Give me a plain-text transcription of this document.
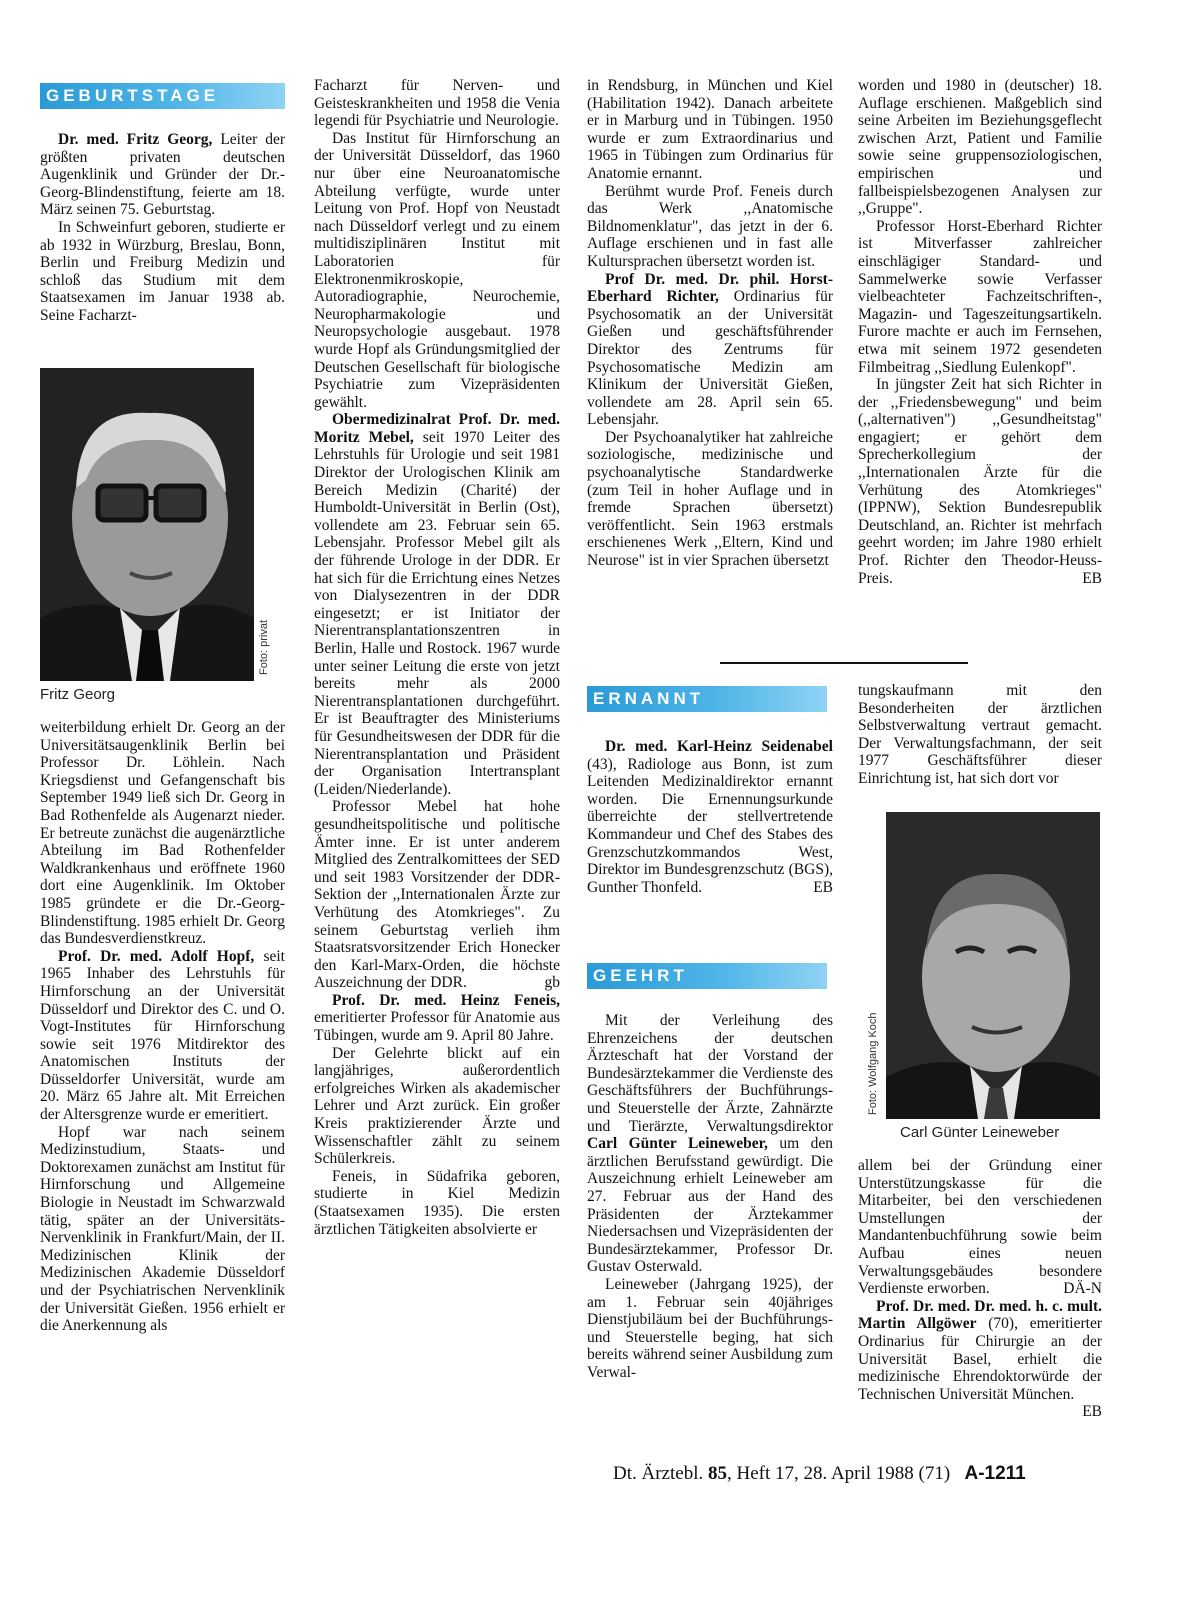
GEBURTSTAGE

Dr. med. Fritz Georg, Leiter der größten privaten deutschen Augenklinik und Gründer der Dr.-Georg-Blindenstiftung, feierte am 18. März seinen 75. Geburtstag.

In Schweinfurt geboren, studierte er ab 1932 in Würzburg, Breslau, Bonn, Berlin und Freiburg Medizin und schloß das Studium mit dem Staatsexamen im Januar 1938 ab. Seine Facharzt-

Foto: privat
Fritz Georg

weiterbildung erhielt Dr. Georg an der Universitätsaugenklinik Berlin bei Professor Dr. Löhlein. Nach Kriegsdienst und Gefangenschaft bis September 1949 ließ sich Dr. Georg in Bad Rothenfelde als Augenarzt nieder. Er betreute zunächst die augenärztliche Abteilung im Bad Rothenfelder Waldkrankenhaus und eröffnete 1960 dort eine Augenklinik. Im Oktober 1985 gründete er die Dr.-Georg-Blindenstiftung. 1985 erhielt Dr. Georg das Bundesverdienstkreuz.

Prof. Dr. med. Adolf Hopf, seit 1965 Inhaber des Lehrstuhls für Hirnforschung an der Universität Düsseldorf und Direktor des C. und O. Vogt-Institutes für Hirnforschung sowie seit 1976 Mitdirektor des Anatomischen Instituts der Düsseldorfer Universität, wurde am 20. März 65 Jahre alt. Mit Erreichen der Altersgrenze wurde er emeritiert.

Hopf war nach seinem Medizinstudium, Staats- und Doktorexamen zunächst am Institut für Hirnforschung und Allgemeine Biologie in Neustadt im Schwarzwald tätig, später an der Universitäts-Nervenklinik in Frankfurt/Main, der II. Medizinischen Klinik der Medizinischen Akademie Düsseldorf und der Psychiatrischen Nervenklinik der Universität Gießen. 1956 erhielt er die Anerkennung als

Facharzt für Nerven- und Geisteskrankheiten und 1958 die Venia legendi für Psychiatrie und Neurologie.

Das Institut für Hirnforschung an der Universität Düsseldorf, das 1960 nur über eine Neuroanatomische Abteilung verfügte, wurde unter Leitung von Prof. Hopf von Neustadt nach Düsseldorf verlegt und zu einem multidisziplinären Institut mit Laboratorien für Elektronenmikroskopie, Autoradiographie, Neurochemie, Neuropharmakologie und Neuropsychologie ausgebaut. 1978 wurde Hopf als Gründungsmitglied der Deutschen Gesellschaft für biologische Psychiatrie zum Vizepräsidenten gewählt.

Obermedizinalrat Prof. Dr. med. Moritz Mebel, seit 1970 Leiter des Lehrstuhls für Urologie und seit 1981 Direktor der Urologischen Klinik am Bereich Medizin (Charité) der Humboldt-Universität in Berlin (Ost), vollendete am 23. Februar sein 65. Lebensjahr. Professor Mebel gilt als der führende Urologe in der DDR. Er hat sich für die Errichtung eines Netzes von Dialysezentren in der DDR eingesetzt; er ist Initiator der Nierentransplantationszentren in Berlin, Halle und Rostock. 1967 wurde unter seiner Leitung die erste von jetzt bereits mehr als 2000 Nierentransplantationen durchgeführt. Er ist Beauftragter des Ministeriums für Gesundheitswesen der DDR für die Nierentransplantation und Präsident der Organisation Intertransplant (Leiden/Niederlande).

Professor Mebel hat hohe gesundheitspolitische und politische Ämter inne. Er ist unter anderem Mitglied des Zentralkomittees der SED und seit 1983 Vorsitzender der DDR-Sektion der ,,Internationalen Ärzte zur Verhütung des Atomkrieges". Zu seinem Geburtstag verlieh ihm Staatsratsvorsitzender Erich Honecker den Karl-Marx-Orden, die höchste Auszeichnung der DDR.	gb

Prof. Dr. med. Heinz Feneis, emeritierter Professor für Anatomie aus Tübingen, wurde am 9. April 80 Jahre.

Der Gelehrte blickt auf ein langjähriges, außerordentlich erfolgreiches Wirken als akademischer Lehrer und Arzt zurück. Ein großer Kreis praktizierender Ärzte und Wissenschaftler zählt zu seinem Schülerkreis.

Feneis, in Südafrika geboren, studierte in Kiel Medizin (Staatsexamen 1935). Die ersten ärztlichen Tätigkeiten absolvierte er

in Rendsburg, in München und Kiel (Habilitation 1942). Danach arbeitete er in Marburg und in Tübingen. 1950 wurde er zum Extraordinarius und 1965 in Tübingen zum Ordinarius für Anatomie ernannt.

Berühmt wurde Prof. Feneis durch das Werk ,,Anatomische Bildnomenklatur", das jetzt in der 6. Auflage erschienen und in fast alle Kultursprachen übersetzt worden ist.

Prof Dr. med. Dr. phil. Horst-Eberhard Richter, Ordinarius für Psychosomatik an der Universität Gießen und geschäftsführender Direktor des Zentrums für Psychosomatische Medizin am Klinikum der Universität Gießen, vollendete am 28. April sein 65. Lebensjahr.

Der Psychoanalytiker hat zahlreiche soziologische, medizinische und psychoanalytische Standardwerke (zum Teil in hoher Auflage und in fremde Sprachen übersetzt) veröffentlicht. Sein 1963 erstmals erschienenes Werk ,,Eltern, Kind und Neurose" ist in vier Sprachen übersetzt

worden und 1980 in (deutscher) 18. Auflage erschienen. Maßgeblich sind seine Arbeiten im Beziehungsgeflecht zwischen Arzt, Patient und Familie sowie seine gruppensoziologischen, empirischen und fallbeispielsbezogenen Analysen zur ,,Gruppe".

Professor Horst-Eberhard Richter ist Mitverfasser zahlreicher einschlägiger Standard- und Sammelwerke sowie Verfasser vielbeachteter Fachzeitschriften-, Magazin- und Tageszeitungsartikeln. Furore machte er auch im Fernsehen, etwa mit seinem 1972 gesendeten Filmbeitrag ,,Siedlung Eulenkopf".

In jüngster Zeit hat sich Richter in der ,,Friedensbewegung" und beim (,,alternativen") ,,Gesundheitstag" engagiert; er gehört dem Sprecherkollegium der ,,Internationalen Ärzte für die Verhütung des Atomkrieges" (IPPNW), Sektion Bundesrepublik Deutschland, an. Richter ist mehrfach geehrt worden; im Jahre 1980 erhielt Prof. Richter den Theodor-Heuss-Preis.	EB

ERNANNT

Dr. med. Karl-Heinz Seidenabel (43), Radiologe aus Bonn, ist zum Leitenden Medizinaldirektor ernannt worden. Die Ernennungsurkunde überreichte der stellvertretende Kommandeur und Chef des Stabes des Grenzschutzkommandos West, Direktor im Bundesgrenzschutz (BGS), Gunther Thonfeld.	EB

GEEHRT

Mit der Verleihung des Ehrenzeichens der deutschen Ärzteschaft hat der Vorstand der Bundesärztekammer die Verdienste des Geschäftsführers der Buchführungs- und Steuerstelle der Ärzte, Zahnärzte und Tierärzte, Verwaltungsdirektor Carl Günter Leineweber, um den ärztlichen Berufsstand gewürdigt. Die Auszeichnung erhielt Leineweber am 27. Februar aus der Hand des Präsidenten der Ärztekammer Niedersachsen und Vizepräsidenten der Bundesärztekammer, Professor Dr. Gustav Osterwald.

Leineweber (Jahrgang 1925), der am 1. Februar sein 40jähriges Dienstjubiläum bei der Buchführungs- und Steuerstelle beging, hat sich bereits während seiner Ausbildung zum Verwal-

tungskaufmann mit den Besonderheiten der ärztlichen Selbstverwaltung vertraut gemacht. Der Verwaltungsfachmann, der seit 1977 Geschäftsführer dieser Einrichtung ist, hat sich dort vor

Foto: Wolfgang Koch
Carl Günter Leineweber

allem bei der Gründung einer Unterstützungskasse für die Mitarbeiter, bei den verschiedenen Umstellungen der Mandantenbuchführung sowie beim Aufbau eines neuen Verwaltungsgebäudes besondere Verdienste erworben.	DÄ-N

Prof. Dr. med. Dr. med. h. c. mult. Martin Allgöwer (70), emeritierter Ordinarius für Chirurgie an der Universität Basel, erhielt die medizinische Ehrendoktorwürde der Technischen Universität München.
EB

Dt. Ärztebl. 85, Heft 17, 28. April 1988 (71) A-1211
